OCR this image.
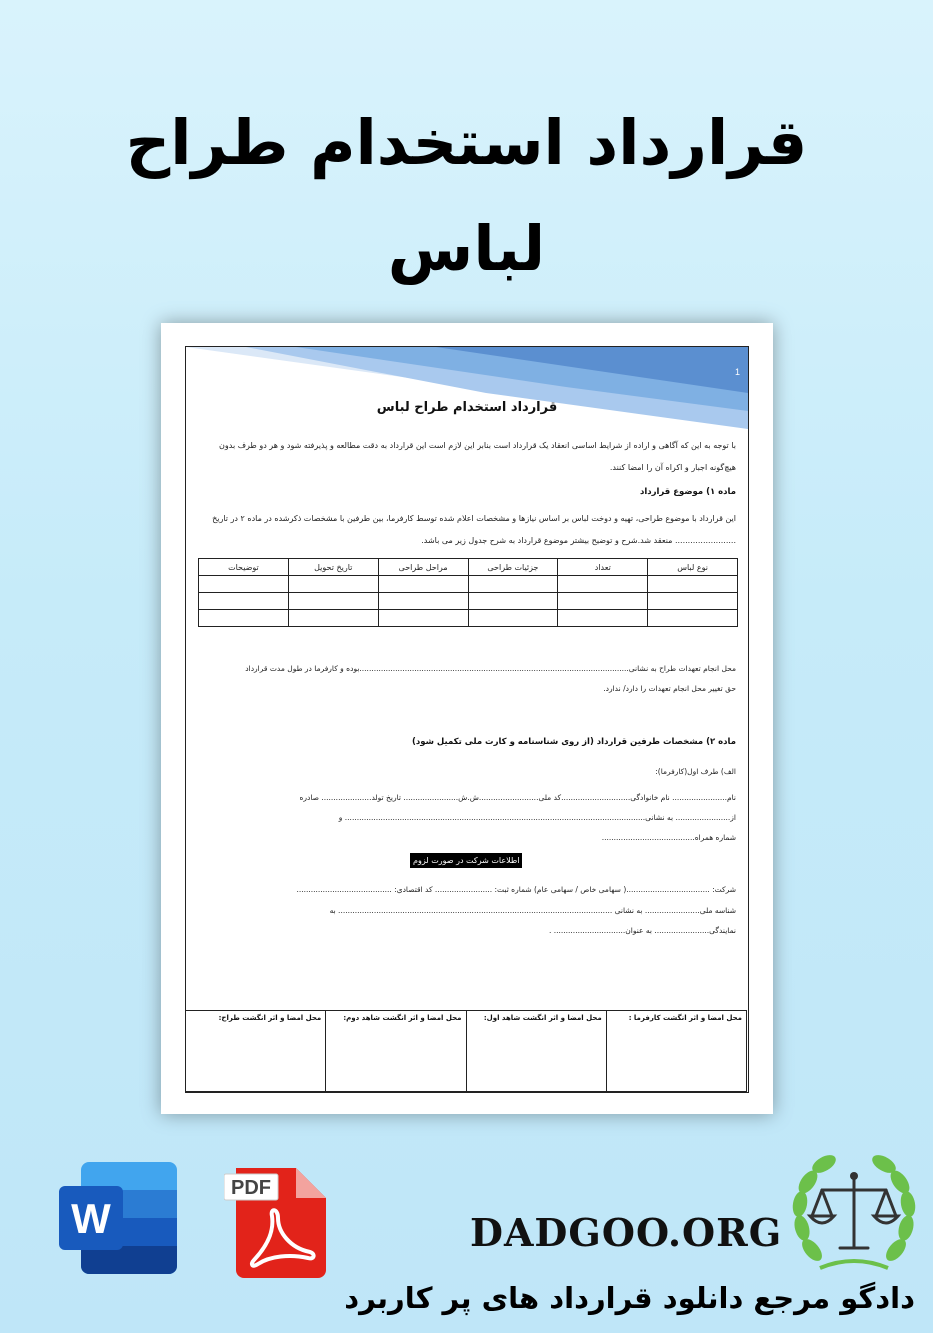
قرارداد استخدام طراح
لباس
1
قرارداد استخدام طراح لباس
با توجه به این که آگاهی و اراده از شرایط اساسی انعقاد یک قرارداد است بنابر این لازم است این قرارداد به دقت مطالعه و پذیرفته شود و هر دو طرف بدون هیچ‌گونه اجبار و اکراه آن را امضا کنند.
ماده ۱) موضوع قرارداد
این قرارداد با موضوع طراحی، تهیه و دوخت لباس بر اساس نیازها و مشخصات اعلام شده توسط کارفرما، بین طرفین با مشخصات ذکرشده در ماده ۲ در تاریخ ........................ منعقد شد.شرح و توضیح بیشتر موضوع قرارداد به شرح جدول زیر می باشد.
نوع لباس	تعداد	جزئیات طراحی	مراحل طراحی	تاریخ تحویل	توضیحات

محل انجام تعهدات طراح به نشانی.................................................................................................................بوده و کارفرما در طول مدت قرارداد
حق تغییر محل انجام تعهدات را دارد/ ندارد.
ماده ۲) مشخصات طرفین قرارداد (از روی شناسنامه و کارت ملی تکمیل شود)
الف) طرف اول(کارفرما):
نام....................... نام خانوادگی.............................کد ملی.........................ش.ش....................... تاریخ تولد..................... صادره
از....................... به نشانی.............................................................................................................................. و
شماره همراه.......................................
اطلاعات شرکت در صورت لزوم
شرکت: ...................................( سهامی خاص / سهامی عام) شماره ثبت: ........................ کد اقتصادی: ........................................
شناسه ملی....................... به نشانی ................................................................................................................... به
نمایندگی....................... به عنوان.............................. .
محل امضا و اثر انگشت کارفرما :	محل امضا و اثر انگشت شاهد اول:	محل امضا و اثر انگشت شاهد دوم:	محل امضا و اثر انگشت طراح:
W
PDF
DADGOO.ORG
دادگو مرجع دانلود قرارداد های پر کاربرد
